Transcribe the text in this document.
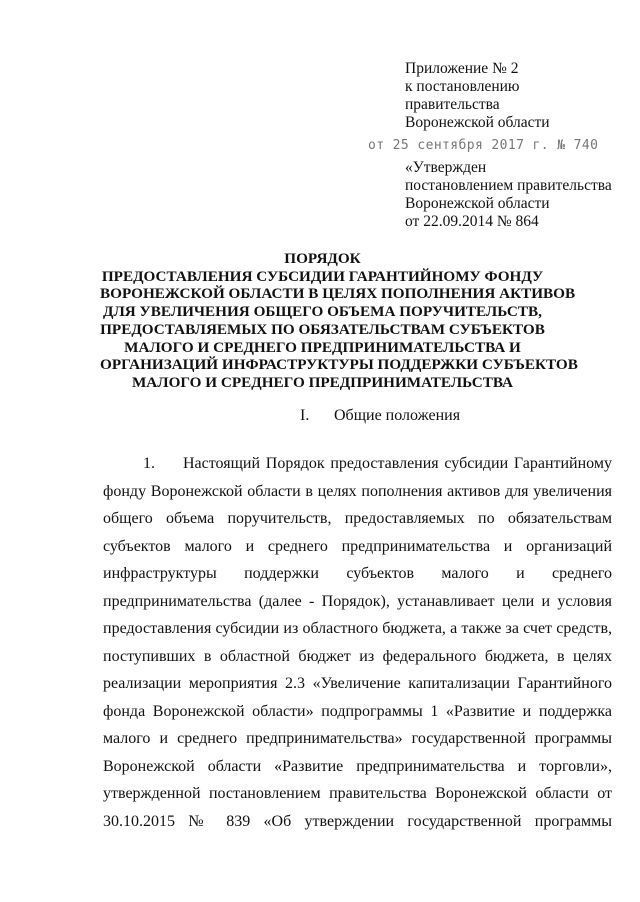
Приложение № 2
к постановлению
правительства
Воронежской области
от 25 сентября 2017 г. № 740
«Утвержден
постановлением правительства
Воронежской области
от 22.09.2014 № 864
ПОРЯДОК
ПРЕДОСТАВЛЕНИЯ СУБСИДИИ ГАРАНТИЙНОМУ ФОНДУ
ВОРОНЕЖСКОЙ ОБЛАСТИ В ЦЕЛЯХ ПОПОЛНЕНИЯ АКТИВОВ
ДЛЯ УВЕЛИЧЕНИЯ ОБЩЕГО ОБЪЕМА ПОРУЧИТЕЛЬСТВ,
ПРЕДОСТАВЛЯЕМЫХ ПО ОБЯЗАТЕЛЬСТВАМ СУБЪЕКТОВ
МАЛОГО И СРЕДНЕГО ПРЕДПРИНИМАТЕЛЬСТВА И
ОРГАНИЗАЦИЙ ИНФРАСТРУКТУРЫ ПОДДЕРЖКИ СУБЪЕКТОВ
МАЛОГО И СРЕДНЕГО ПРЕДПРИНИМАТЕЛЬСТВА
I. Общие положения
1. Настоящий Порядок предоставления субсидии Гарантийному
фонду Воронежской области в целях пополнения активов для увеличения
общего объема поручительств, предоставляемых по обязательствам
субъектов малого и среднего предпринимательства и организаций
инфраструктуры поддержки субъектов малого и среднего
предпринимательства (далее - Порядок), устанавливает цели и условия
предоставления субсидии из областного бюджета, а также за счет средств,
поступивших в областной бюджет из федерального бюджета, в целях
реализации мероприятия 2.3 «Увеличение капитализации Гарантийного
фонда Воронежской области» подпрограммы 1 «Развитие и поддержка
малого и среднего предпринимательства» государственной программы
Воронежской области «Развитие предпринимательства и торговли»,
утвержденной постановлением правительства Воронежской области от
30.10.2015 № 839 «Об утверждении государственной программы
